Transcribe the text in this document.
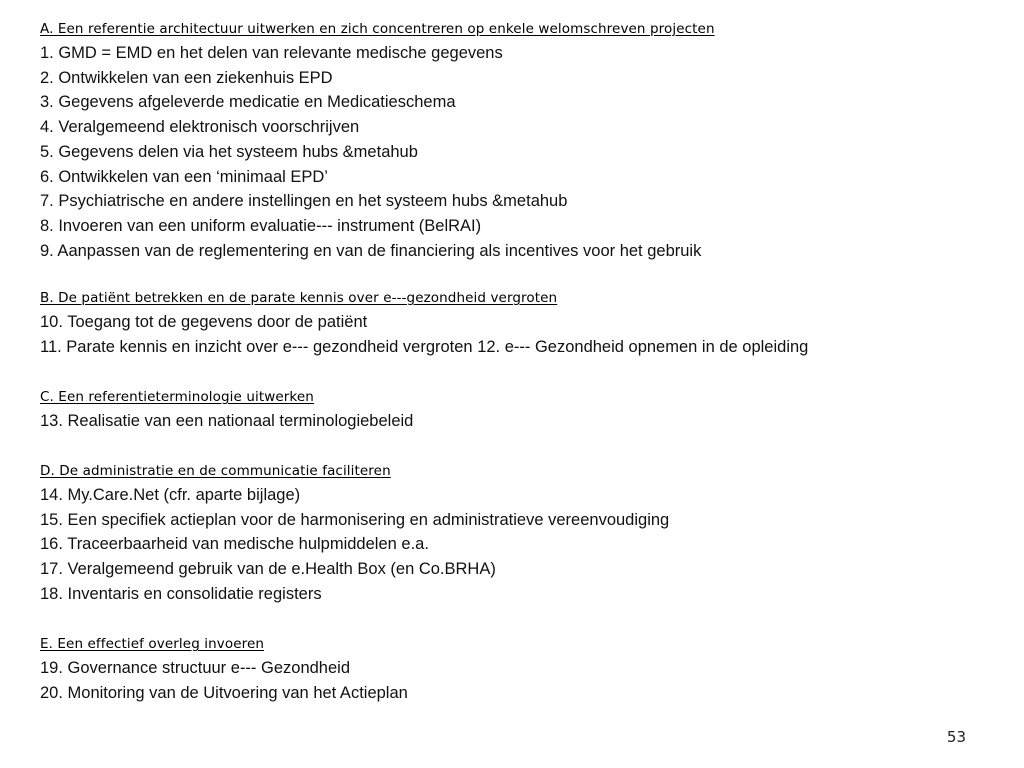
A. Een referentie architectuur uitwerken en zich concentreren op enkele welomschreven projecten
1. GMD = EMD en het delen van relevante medische gegevens
2. Ontwikkelen van een ziekenhuis EPD
3. Gegevens afgeleverde medicatie en Medicatieschema
4. Veralgemeend elektronisch voorschrijven
5. Gegevens delen via het systeem hubs &metahub
6. Ontwikkelen van een ‘minimaal EPD’
7. Psychiatrische en andere instellingen en het systeem hubs &metahub
8. Invoeren van een uniform evaluatie--- instrument (BelRAI)
9. Aanpassen van de reglementering en van de financiering als incentives voor het gebruik
B. De patiënt betrekken en de parate kennis over e---gezondheid vergroten
10. Toegang tot de gegevens door de patiënt
11. Parate kennis en inzicht over e--- gezondheid vergroten 12. e--- Gezondheid opnemen in de opleiding
C. Een referentieterminologie uitwerken
13. Realisatie van een nationaal terminologiebeleid
D. De administratie en de communicatie faciliteren
14. My.Care.Net (cfr. aparte bijlage)
15. Een specifiek actieplan voor de harmonisering en administratieve vereenvoudiging
16. Traceerbaarheid van medische hulpmiddelen e.a.
17. Veralgemeend gebruik van de e.Health Box (en Co.BRHA)
18. Inventaris en consolidatie registers
E. Een effectief overleg invoeren
19. Governance structuur e--- Gezondheid
20. Monitoring van de Uitvoering van het Actieplan
53
